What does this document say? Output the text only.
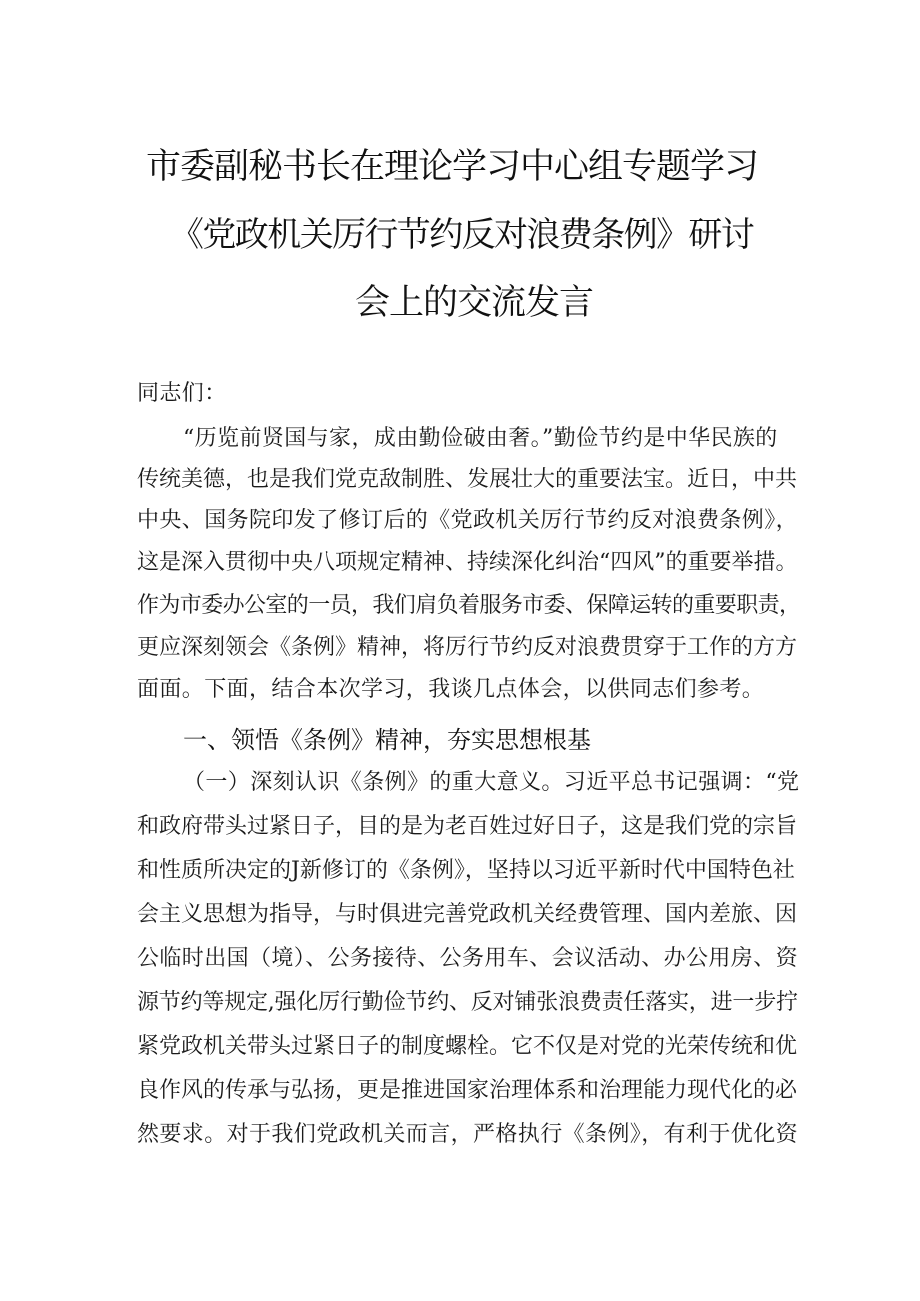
市委副秘书长在理论学习中心组专题学习
《党政机关厉行节约反对浪费条例》研讨
会上的交流发言
同志们：
“历览前贤国与家，成由勤俭破由奢。”勤俭节约是中华民族的
传统美德，也是我们党克敌制胜、发展壮大的重要法宝。近日，中共
中央、国务院印发了修订后的《党政机关厉行节约反对浪费条例》，
这是深入贯彻中央八项规定精神、持续深化纠治“四风”的重要举措。
作为市委办公室的一员，我们肩负着服务市委、保障运转的重要职责，
更应深刻领会《条例》精神，将厉行节约反对浪费贯穿于工作的方方
面面。下面，结合本次学习，我谈几点体会，以供同志们参考。
一、领悟《条例》精神，夯实思想根基
（一）深刻认识《条例》的重大意义。习近平总书记强调：“党
和政府带头过紧日子，目的是为老百姓过好日子，这是我们党的宗旨
和性质所决定的J新修订的《条例》，坚持以习近平新时代中国特色社
会主义思想为指导，与时俱进完善党政机关经费管理、国内差旅、因
公临时出国（境）、公务接待、公务用车、会议活动、办公用房、资
源节约等规定,强化厉行勤俭节约、反对铺张浪费责任落实，进一步拧
紧党政机关带头过紧日子的制度螺栓。它不仅是对党的光荣传统和优
良作风的传承与弘扬，更是推进国家治理体系和治理能力现代化的必
然要求。对于我们党政机关而言，严格执行《条例》，有利于优化资
